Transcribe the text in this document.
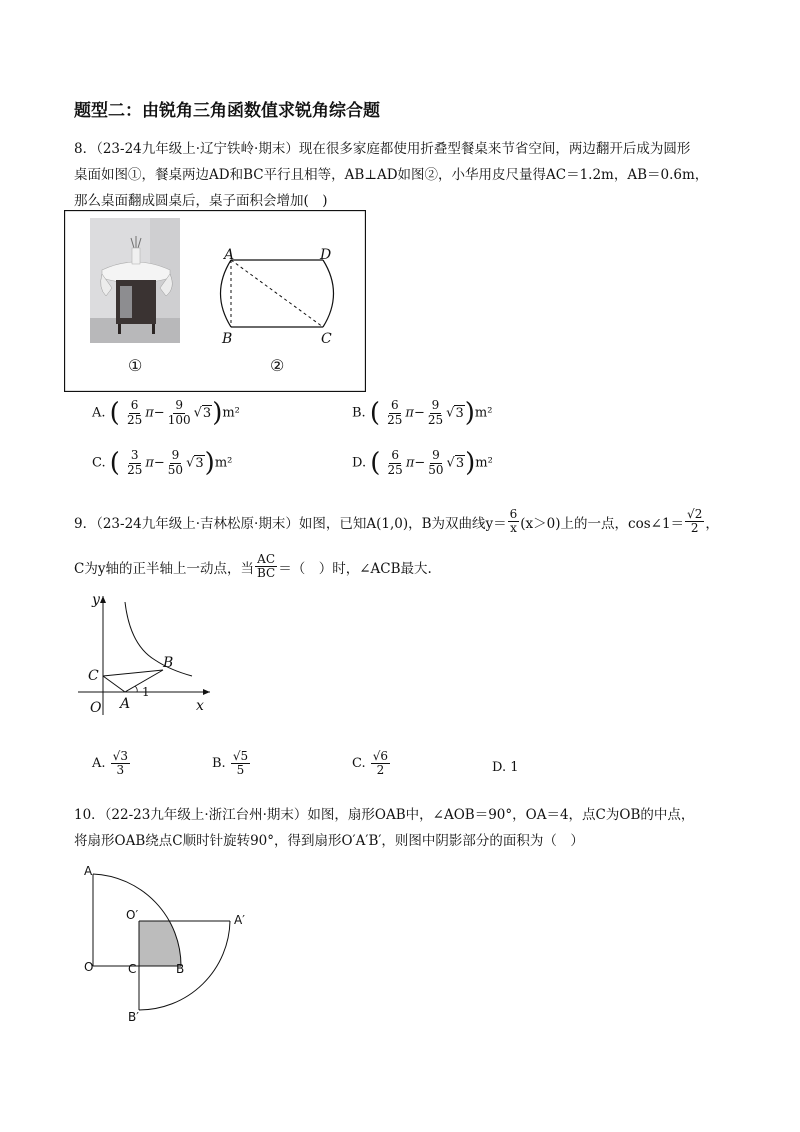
题型二：由锐角三角函数值求锐角综合题
8．（23-24九年级上·辽宁铁岭·期末）现在很多家庭都使用折叠型餐桌来节省空间，两边翻开后成为圆形
桌面如图①，餐桌两边AD和BC平行且相等，AB⊥AD如图②，小华用皮尺量得AC＝1.2m，AB＝0.6m，
那么桌面翻成圆桌后，桌子面积会增加(　)
A	D
B	C
①	②
A. ( $\frac{6}{25} \pi- \frac{9}{100} √3)m^2$	B. ( $\frac{6}{25} \pi- \frac{9}{25} √3)m^2$
C. ( $\frac{3}{25} \pi- \frac{9}{50} √3)m^2$	D. ( $\frac{6}{25} \pi- \frac{9}{50} √3)m^2$
9．（23-24九年级上·吉林松原·期末）如图，已知A(1,0)，B为双曲线$y= \frac{6}{x} (x>0)$上的一点，cos∠1＝ $\frac{√2}{2}$ ，
C为y轴的正半轴上一动点，当 $\frac{AC}{BC}$ ＝（　）时，∠ACB最大.
y
x
O A
B
C
1
A.
$\frac{√3}{3}$	B.
$\frac{√5}{5}$	C.
$\frac{√6}{2}$	D. 1
10．（22-23九年级上·浙江台州·期末）如图，扇形OAB中，∠AOB＝90°，OA＝4，点C为OB的中点，
将扇形OAB绕点C顺时针旋转90°，得到扇形O′A′B′，则图中阴影部分的面积为（　）
A
O	C	B
O′	A′
B′
